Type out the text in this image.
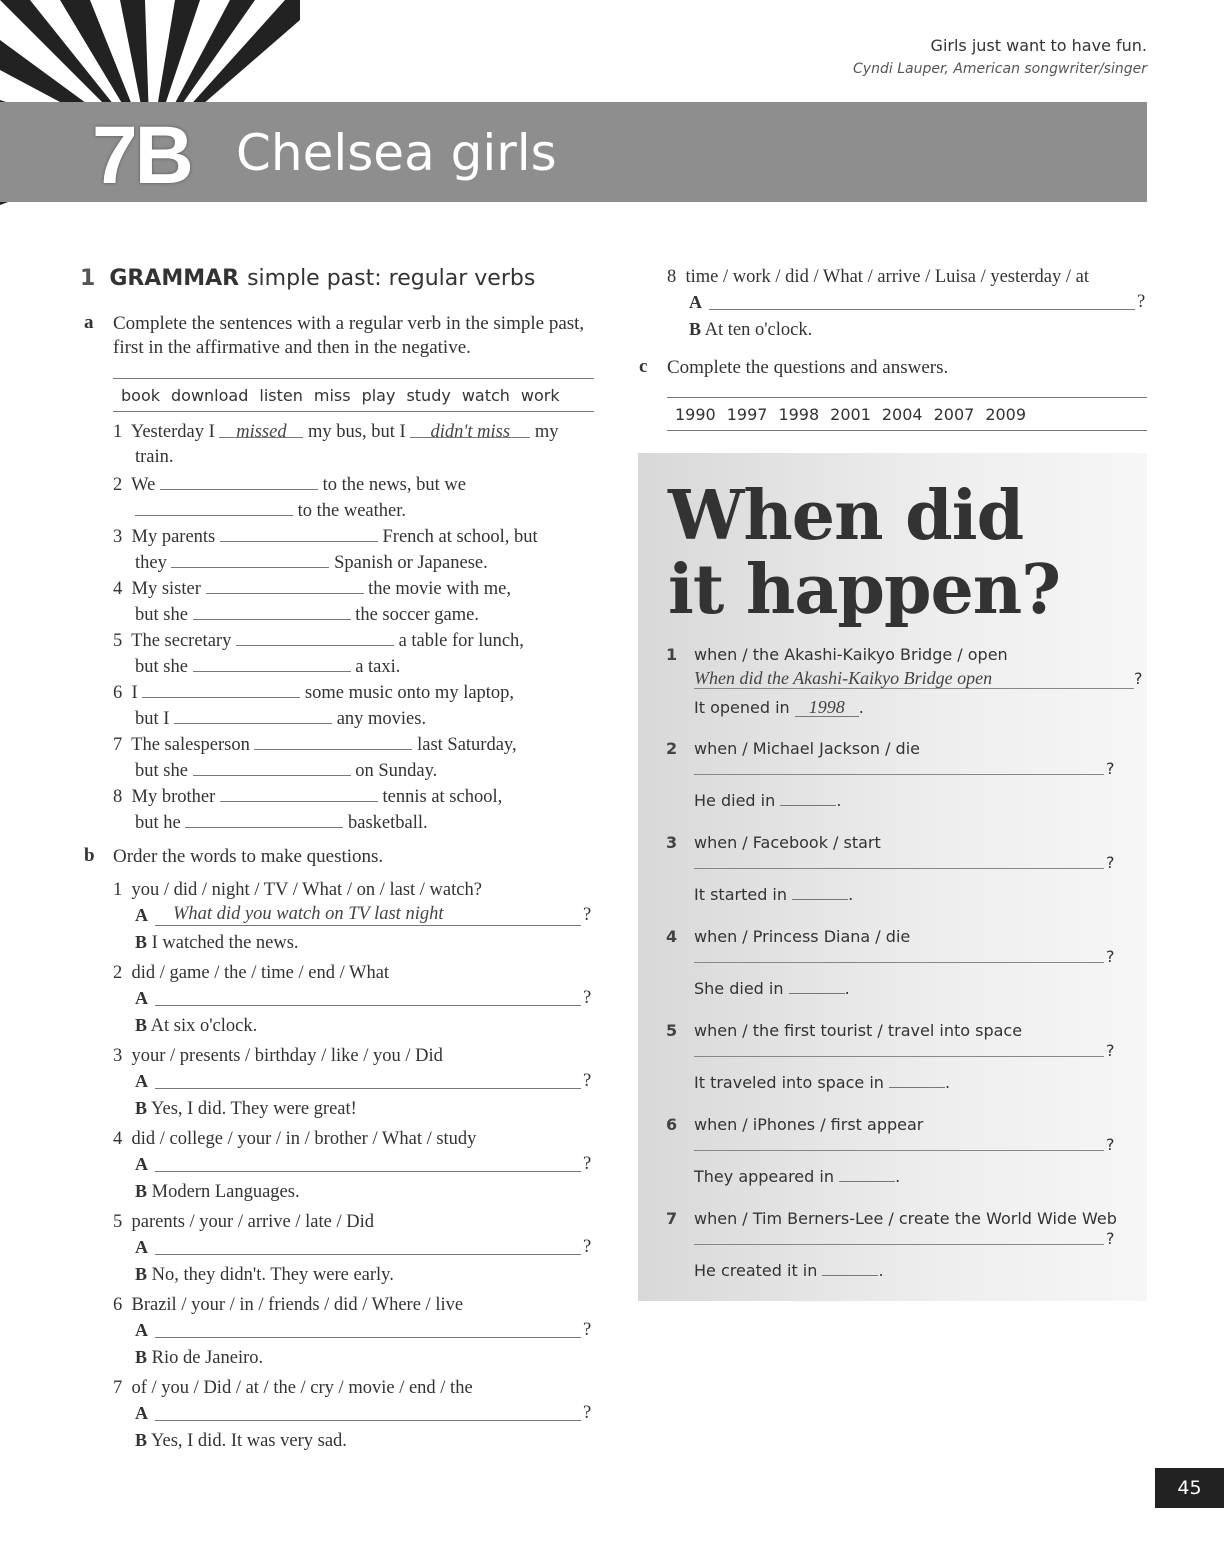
7B Chelsea girls
Girls just want to have fun.
Cyndi Lauper, American songwriter/singer
1 GRAMMAR simple past: regular verbs
a Complete the sentences with a regular verb in the simple past, first in the affirmative and then in the negative.
book download listen miss play study watch work
1 Yesterday I missed my bus, but I didn't miss my
train.
2 We	to the news, but we
to the weather.
3 My parents	French at school, but
they	Spanish or Japanese.
4 My sister	the movie with me,
but she	the soccer game.
5 The secretary	a table for lunch,
but she	a taxi.
6 I	some music onto my laptop,
but I	any movies.
7 The salesperson	last Saturday,
but she	on Sunday.
8 My brother	tennis at school,
but he	basketball.
b Order the words to make questions.
1 you / did / night / TV / What / on / last / watch?
A	What did you watch on TV last night	?
B I watched the news.
2 did / game / the / time / end / What
A	?
B At six o'clock.
3 your / presents / birthday / like / you / Did
A	?
B Yes, I did. They were great!
4 did / college / your / in / brother / What / study
A	?
B Modern Languages.
5 parents / your / arrive / late / Did
A	?
B No, they didn't. They were early.
6 Brazil / your / in / friends / did / Where / live
A	?
B Rio de Janeiro.
7 of / you / Did / at / the / cry / movie / end / the
A	?
B Yes, I did. It was very sad.
8 time / work / did / What / arrive / Luisa / yesterday / at
A	?
B At ten o'clock.
c Complete the questions and answers.
1990 1997 1998 2001 2004 2007 2009
When did
it happen?
1 when / the Akashi-Kaikyo Bridge / open
When did the Akashi-Kaikyo Bridge open	?
It opened in 1998 .
2 when / Michael Jackson / die
?
He died in	.
3 when / Facebook / start
?
It started in	.
4 when / Princess Diana / die
?
She died in	.
5 when / the first tourist / travel into space
?
It traveled into space in	.
6 when / iPhones / first appear
?
They appeared in	.
7 when / Tim Berners-Lee / create the World Wide Web
?
He created it in	.
45
